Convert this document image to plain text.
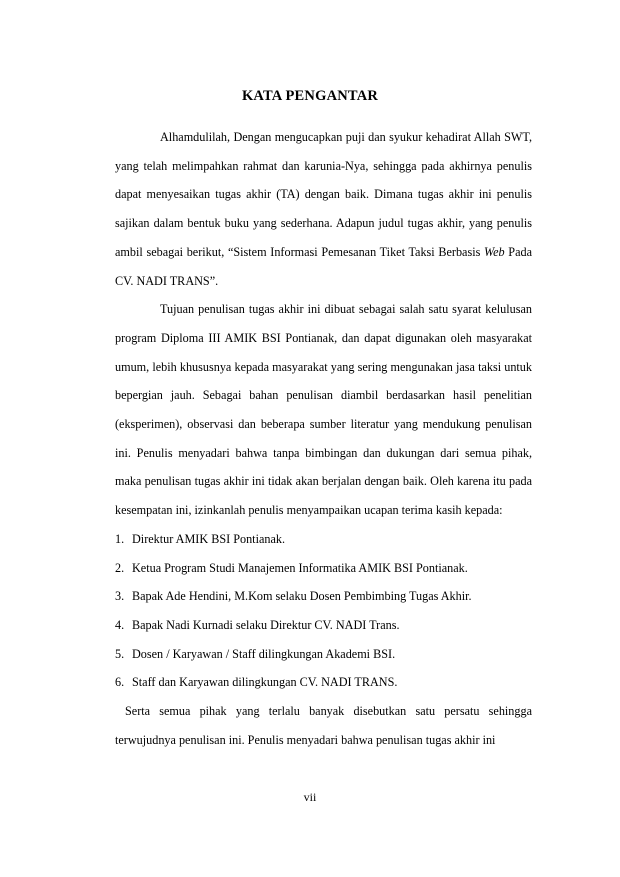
KATA PENGANTAR

Alhamdulilah, Dengan mengucapkan puji dan syukur kehadirat Allah SWT, yang telah melimpahkan rahmat dan karunia-Nya, sehingga pada akhirnya penulis dapat menyesaikan tugas akhir (TA) dengan baik. Dimana tugas akhir ini penulis sajikan dalam bentuk buku yang sederhana. Adapun judul tugas akhir, yang penulis ambil sebagai berikut, “Sistem Informasi Pemesanan Tiket Taksi Berbasis Web Pada CV. NADI TRANS”.

Tujuan penulisan tugas akhir ini dibuat sebagai salah satu syarat kelulusan program Diploma III AMIK BSI Pontianak, dan dapat digunakan oleh masyarakat umum, lebih khususnya kepada masyarakat yang sering mengunakan jasa taksi untuk bepergian jauh. Sebagai bahan penulisan diambil berdasarkan hasil penelitian (eksperimen), observasi dan beberapa sumber literatur yang mendukung penulisan ini. Penulis menyadari bahwa tanpa bimbingan dan dukungan dari semua pihak, maka penulisan tugas akhir ini tidak akan berjalan dengan baik. Oleh karena itu pada kesempatan ini, izinkanlah penulis menyampaikan ucapan terima kasih kepada:

1. Direktur AMIK BSI Pontianak.
2. Ketua Program Studi Manajemen Informatika AMIK BSI Pontianak.
3. Bapak Ade Hendini, M.Kom selaku Dosen Pembimbing Tugas Akhir.
4. Bapak Nadi Kurnadi selaku Direktur CV. NADI Trans.
5. Dosen / Karyawan / Staff dilingkungan Akademi BSI.
6. Staff dan Karyawan dilingkungan CV. NADI TRANS.

Serta semua pihak yang terlalu banyak disebutkan satu persatu sehingga terwujudnya penulisan ini. Penulis menyadari bahwa penulisan tugas akhir ini

vii
